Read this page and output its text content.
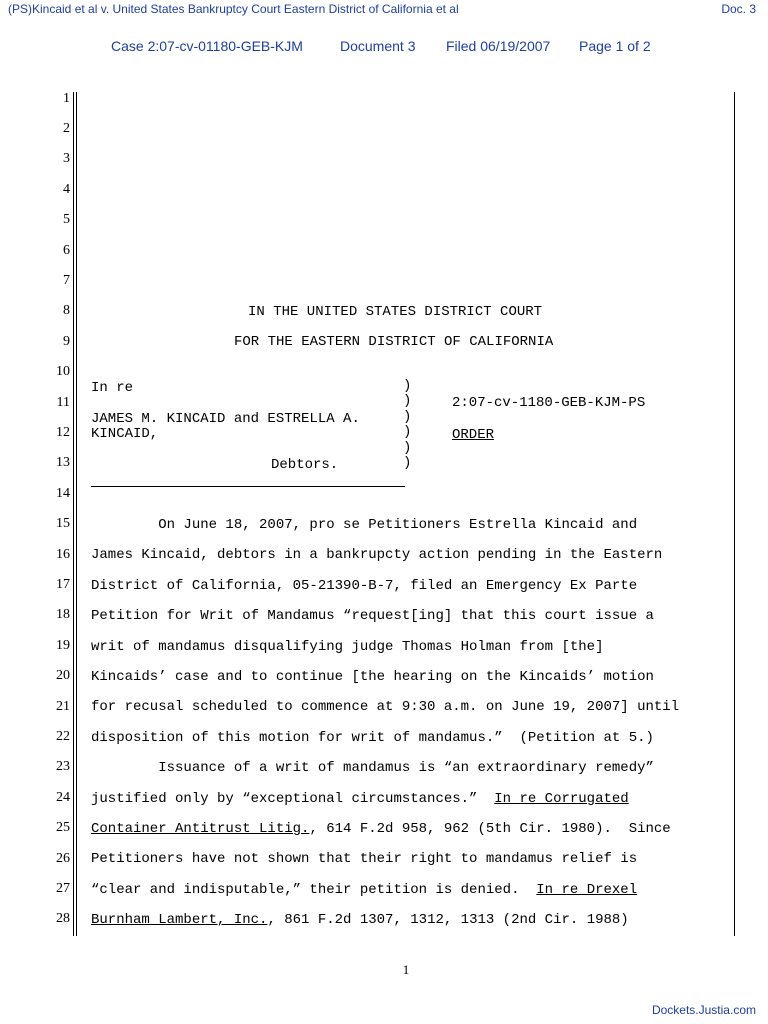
(PS)Kincaid et al v. United States Bankruptcy Court Eastern District of California et al	Doc. 3
Case 2:07-cv-01180-GEB-KJM	Document 3 Filed 06/19/2007 Page 1 of 2
1
2
3
4
5
6
7
8
9
10
11
12
13
14
15
16
17
18
19
20
21
22
23
24
25
26
27
28
IN THE UNITED STATES DISTRICT COURT
FOR THE EASTERN DISTRICT OF CALIFORNIA
In re
JAMES M. KINCAID and ESTRELLA A.
KINCAID,
Debtors.
)
)
)
)
)
)
2:07-cv-1180-GEB-KJM-PS
ORDER
On June 18, 2007, pro se Petitioners Estrella Kincaid and
James Kincaid, debtors in a bankrupcty action pending in the Eastern
District of California, 05-21390-B-7, filed an Emergency Ex Parte
Petition for Writ of Mandamus “request[ing] that this court issue a
writ of mandamus disqualifying judge Thomas Holman from [the]
Kincaids’ case and to continue [the hearing on the Kincaids’ motion
for recusal scheduled to commence at 9:30 a.m. on June 19, 2007] until
disposition of this motion for writ of mandamus.”  (Petition at 5.)
Issuance of a writ of mandamus is “an extraordinary remedy”
justified only by “exceptional circumstances.”  In re Corrugated
Container Antitrust Litig., 614 F.2d 958, 962 (5th Cir. 1980).  Since
Petitioners have not shown that their right to mandamus relief is
“clear and indisputable,” their petition is denied.  In re Drexel
Burnham Lambert, Inc., 861 F.2d 1307, 1312, 1313 (2nd Cir. 1988)
1
Dockets.Justia.com
